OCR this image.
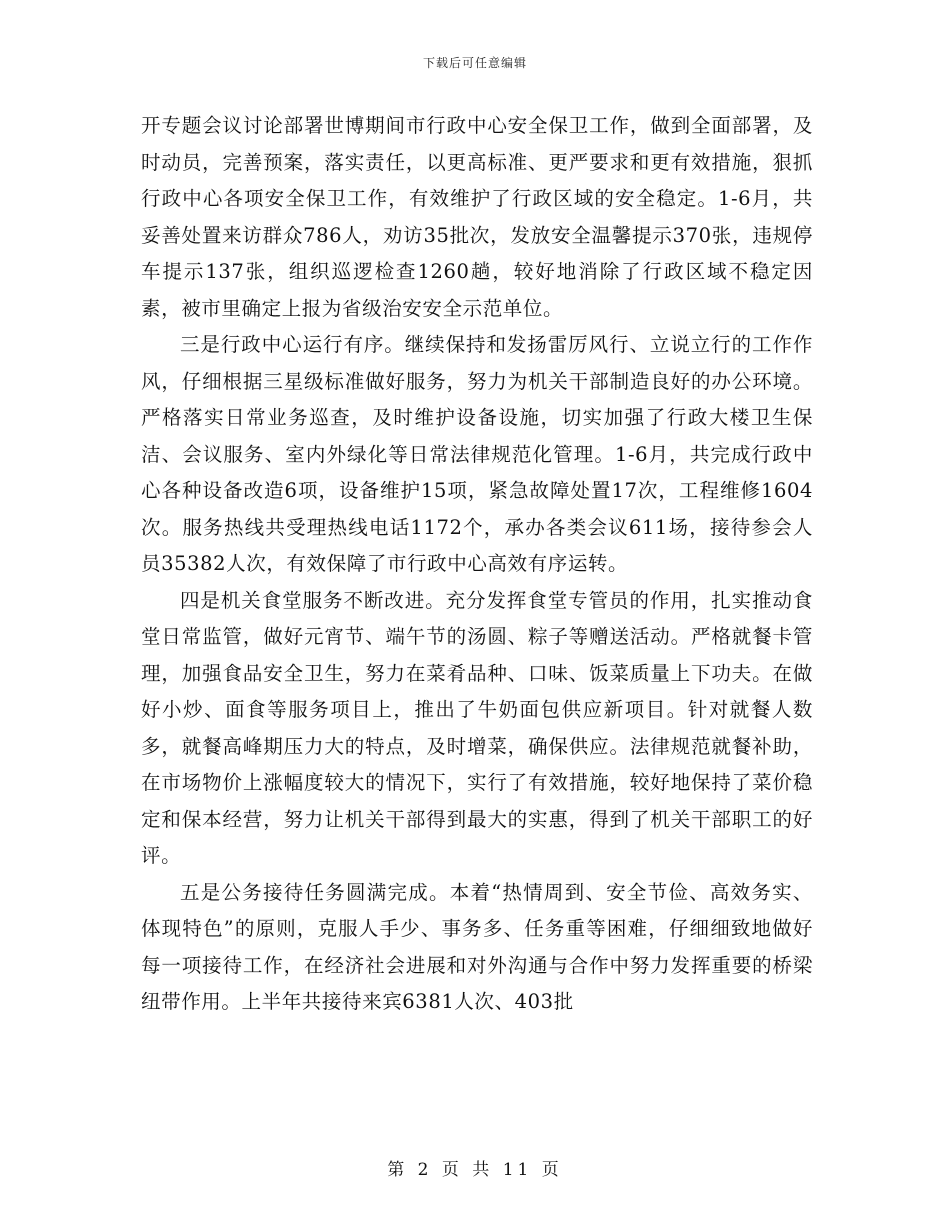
下载后可任意编辑

开专题会议讨论部署世博期间市行政中心安全保卫工作，做到全面部署，及时动员，完善预案，落实责任，以更高标准、更严要求和更有效措施，狠抓行政中心各项安全保卫工作，有效维护了行政区域的安全稳定。1-6月，共妥善处置来访群众786人，劝访35批次，发放安全温馨提示370张，违规停车提示137张，组织巡逻检查1260趟，较好地消除了行政区域不稳定因素，被市里确定上报为省级治安安全示范单位。

三是行政中心运行有序。继续保持和发扬雷厉风行、立说立行的工作作风，仔细根据三星级标准做好服务，努力为机关干部制造良好的办公环境。严格落实日常业务巡查，及时维护设备设施，切实加强了行政大楼卫生保洁、会议服务、室内外绿化等日常法律规范化管理。1-6月，共完成行政中心各种设备改造6项，设备维护15项，紧急故障处置17次，工程维修1604次。服务热线共受理热线电话1172个，承办各类会议611场，接待参会人员35382人次，有效保障了市行政中心高效有序运转。

四是机关食堂服务不断改进。充分发挥食堂专管员的作用，扎实推动食堂日常监管，做好元宵节、端午节的汤圆、粽子等赠送活动。严格就餐卡管理，加强食品安全卫生，努力在菜肴品种、口味、饭菜质量上下功夫。在做好小炒、面食等服务项目上，推出了牛奶面包供应新项目。针对就餐人数多，就餐高峰期压力大的特点，及时增菜，确保供应。法律规范就餐补助，在市场物价上涨幅度较大的情况下，实行了有效措施，较好地保持了菜价稳定和保本经营，努力让机关干部得到最大的实惠，得到了机关干部职工的好评。

五是公务接待任务圆满完成。本着“热情周到、安全节俭、高效务实、体现特色”的原则，克服人手少、事务多、任务重等困难，仔细细致地做好每一项接待工作，在经济社会进展和对外沟通与合作中努力发挥重要的桥梁纽带作用。上半年共接待来宾6381人次、403批

第 2 页 共 11 页
